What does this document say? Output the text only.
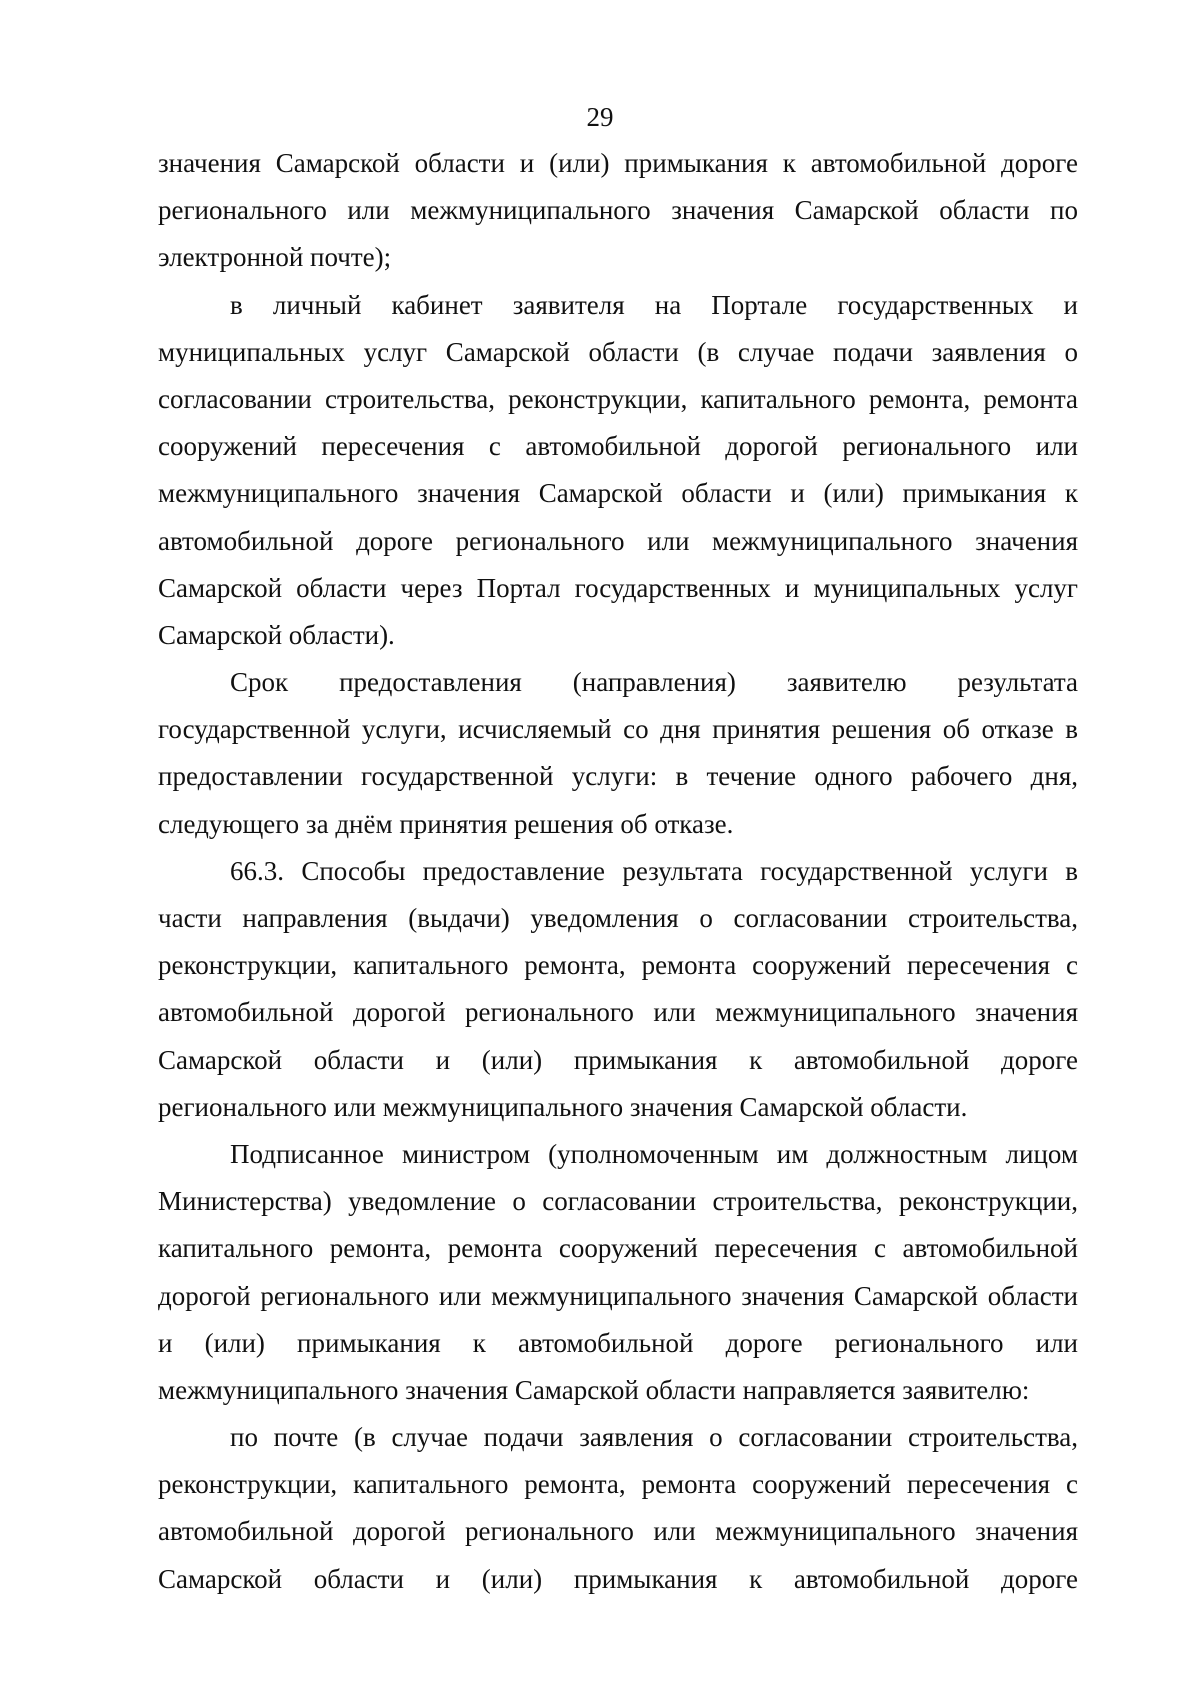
29
значения Самарской области и (или) примыкания к автомобильной дороге
регионального или межмуниципального значения Самарской области по
электронной почте);
в личный кабинет заявителя на Портале государственных и
муниципальных услуг Самарской области (в случае подачи заявления о
согласовании строительства, реконструкции, капитального ремонта, ремонта
сооружений пересечения с автомобильной дорогой регионального или
межмуниципального значения Самарской области и (или) примыкания к
автомобильной дороге регионального или межмуниципального значения
Самарской области через Портал государственных и муниципальных услуг
Самарской области).
Срок предоставления (направления) заявителю результата
государственной услуги, исчисляемый со дня принятия решения об отказе в
предоставлении государственной услуги: в течение одного рабочего дня,
следующего за днём принятия решения об отказе.
66.3. Способы предоставление результата государственной услуги в
части направления (выдачи) уведомления о согласовании строительства,
реконструкции, капитального ремонта, ремонта сооружений пересечения с
автомобильной дорогой регионального или межмуниципального значения
Самарской области и (или) примыкания к автомобильной дороге
регионального или межмуниципального значения Самарской области.
Подписанное министром (уполномоченным им должностным лицом
Министерства) уведомление о согласовании строительства, реконструкции,
капитального ремонта, ремонта сооружений пересечения с автомобильной
дорогой регионального или межмуниципального значения Самарской области
и (или) примыкания к автомобильной дороге регионального или
межмуниципального значения Самарской области направляется заявителю:
по почте (в случае подачи заявления о согласовании строительства,
реконструкции, капитального ремонта, ремонта сооружений пересечения с
автомобильной дорогой регионального или межмуниципального значения
Самарской области и (или) примыкания к автомобильной дороге
